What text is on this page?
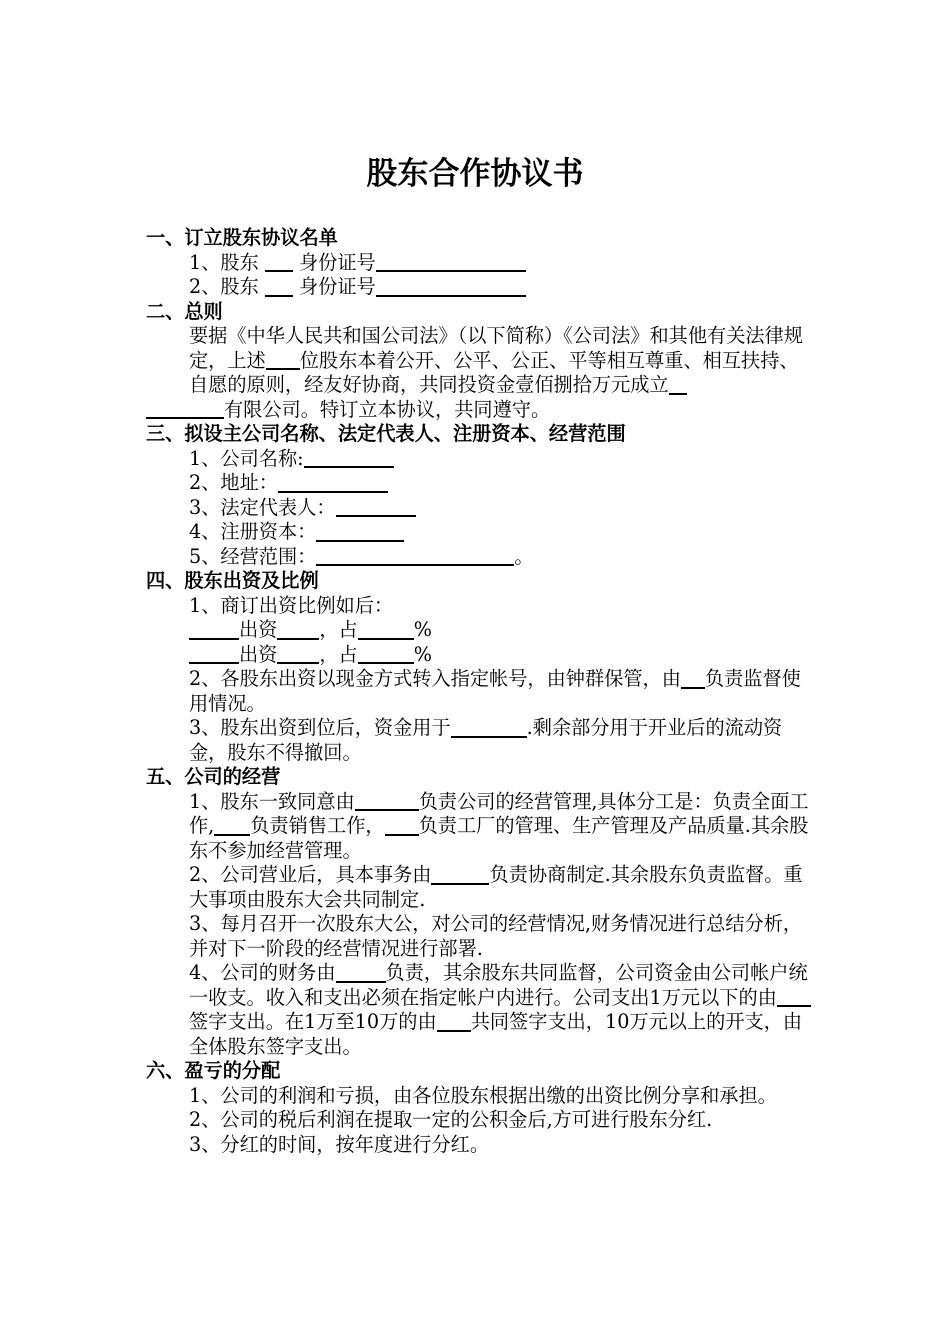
股东合作协议书

一、订立股东协议名单

1、股东 身份证号

2、股东 身份证号

二、总则

要据《中华人民共和国公司法》（以下简称）《公司法》和其他有关法律规定，上述 位股东本着公开、公平、公正、平等相互尊重、相互扶持、自愿的原则，经友好协商，共同投资金壹佰捌拾万元成立

有限公司。特订立本协议，共同遵守。

三、拟设主公司名称、法定代表人、注册资本、经营范围

1、公司名称:

2、地址：

3、法定代表人：

4、注册资本：

5、经营范围：	。

四、股东出资及比例

1、商订出资比例如后：

出资 ，占	%

出资 ，占	%

2、各股东出资以现金方式转入指定帐号，由钟群保管，由 负责监督使用情况。

3、股东出资到位后，资金用于	.剩余部分用于开业后的流动资金，股东不得撤回。

五、公司的经营

1、股东一致同意由	负责公司的经营管理,具体分工是：负责全面工作, 负责销售工作， 负责工厂的管理、生产管理及产品质量.其余股东不参加经营管理。

2、公司营业后，具本事务由	负责协商制定.其余股东负责监督。重大事项由股东大会共同制定.

3、每月召开一次股东大公，对公司的经营情况,财务情况进行总结分析，并对下一阶段的经营情况进行部署.

4、公司的财务由	负责，其余股东共同监督，公司资金由公司帐户统一收支。收入和支出必须在指定帐户内进行。公司支出1万元以下的由签字支出。在1万至10万的由 共同签字支出，10万元以上的开支，由全体股东签字支出。

六、盈亏的分配

1、公司的利润和亏损，由各位股东根据出缴的出资比例分享和承担。

2、公司的税后利润在提取一定的公积金后,方可进行股东分红.

3、分红的时间，按年度进行分红。
